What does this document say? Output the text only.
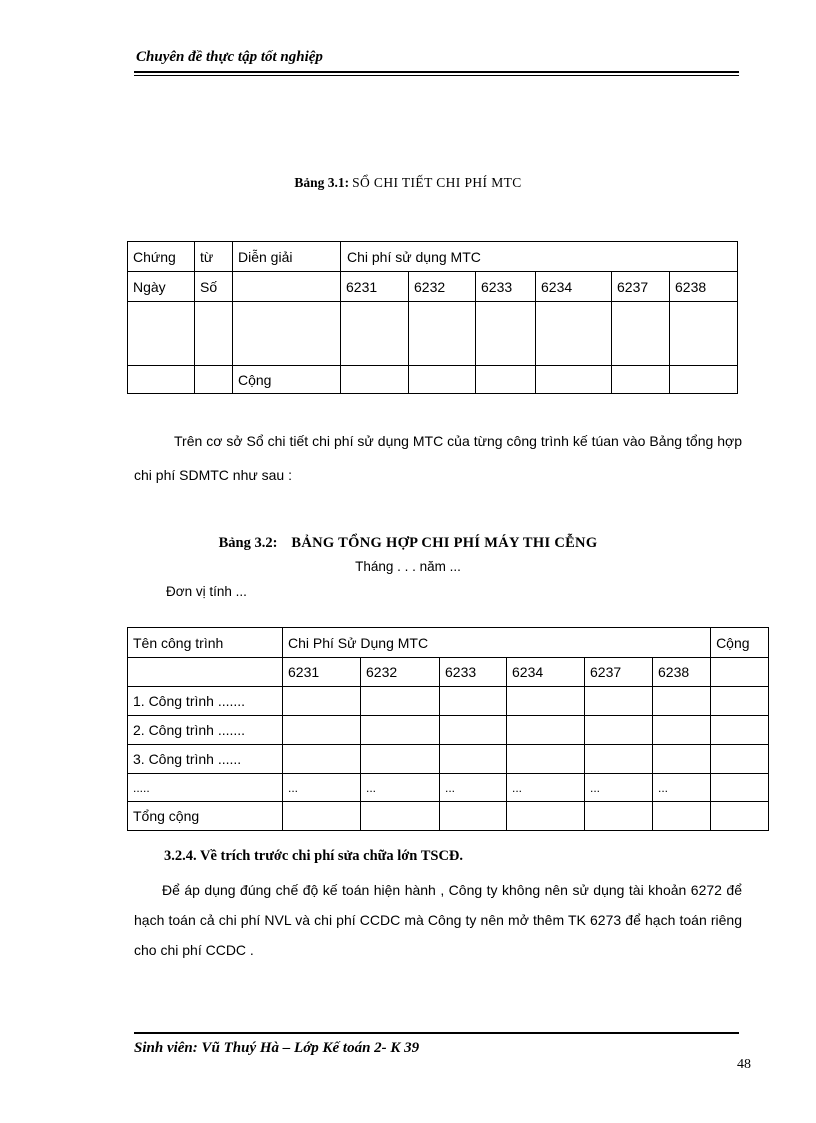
Chuyên đề thực tập tốt nghiệp
Bảng 3.1: SỔ CHI TIẾT CHI PHÍ MTC
Chứng	từ	Diễn giải	Chi phí sử dụng MTC					
Ngày	Số		6231	6232	6233	6234	6237	6238

		Cộng						
Trên cơ sở Sổ chi tiết chi phí sử dụng MTC của từng công trình kế túan vào Bảng tổng hợp chi phí SDMTC như sau :
Bảng 3.2: BẢNG TỔNG HỢP CHI PHÍ MÁY THI CỄNG
Tháng . . . năm ...
Đơn vị tính ...
Tên công trình	Chi Phí Sử Dụng MTC						Cộng
	6231	6232	6233	6234	6237	6238	
1. Công trình .......							
2. Công trình .......							
3. Công trình ......							
.....	...	...	...	...	...	...	
Tổng cộng							
3.2.4. Về trích trước chi phí sửa chữa lớn TSCĐ.
Để áp dụng đúng chế độ kế toán hiện hành , Công ty không nên sử dụng tài khoản 6272 để hạch toán cả chi phí NVL và chi phí CCDC mà Công ty nên mở thêm TK 6273 để hạch toán riêng cho chi phí CCDC .
Sinh viên: Vũ Thuý Hà – Lớp Kế toán 2- K 39
48
